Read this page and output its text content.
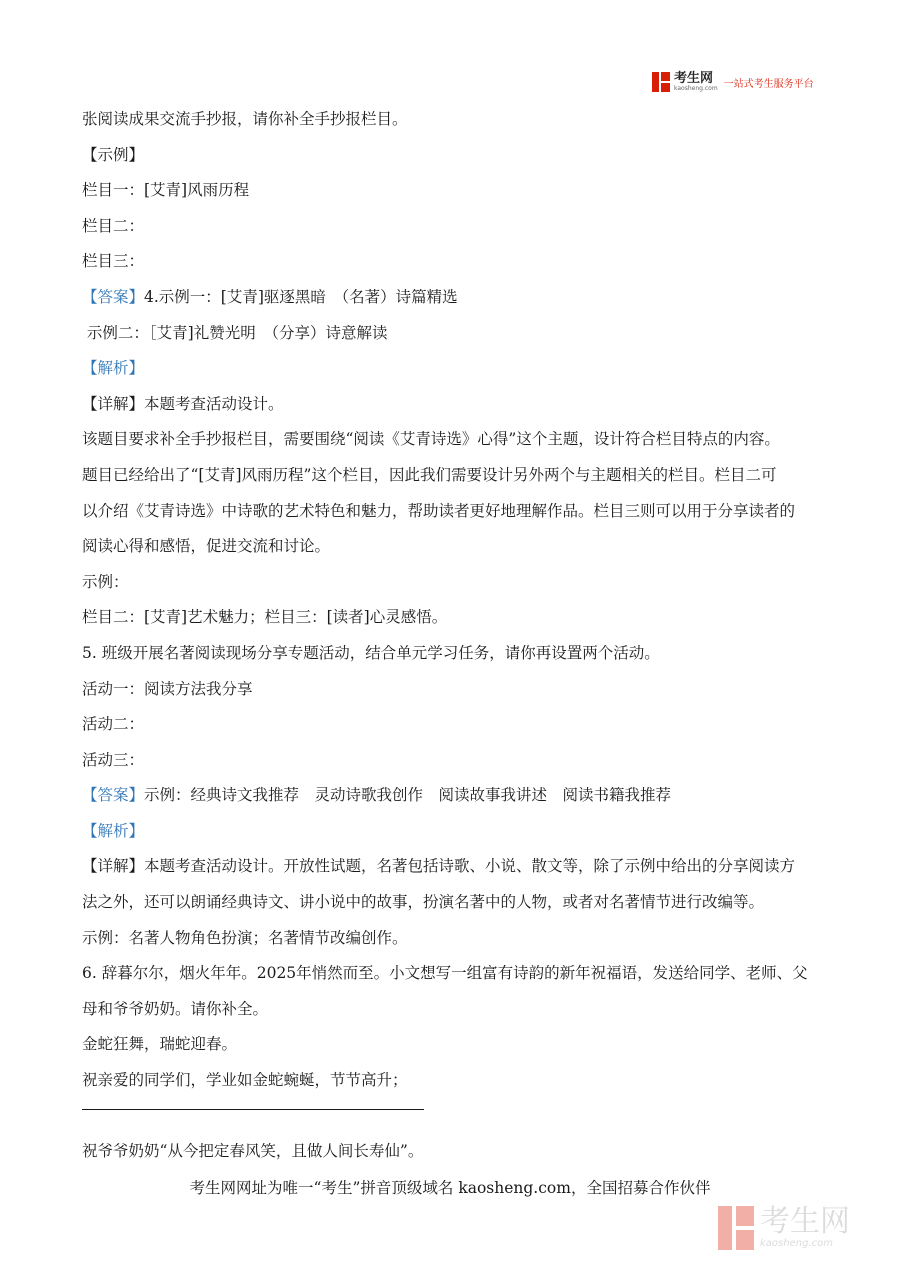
考生网
kaosheng.com 一站式考生服务平台
张阅读成果交流手抄报，请你补全手抄报栏目。
【示例】
栏目一：[艾青]风雨历程
栏目二：
栏目三：
【答案】4.示例一：[艾青]驱逐黑暗　（名著）诗篇精选
示例二：［艾青]礼赞光明　（分享）诗意解读
【解析】
【详解】本题考查活动设计。
该题目要求补全手抄报栏目，需要围绕“阅读《艾青诗选》心得”这个主题，设计符合栏目特点的内容。
题目已经给出了“[艾青]风雨历程”这个栏目，因此我们需要设计另外两个与主题相关的栏目。栏目二可
以介绍《艾青诗选》中诗歌的艺术特色和魅力，帮助读者更好地理解作品。栏目三则可以用于分享读者的
阅读心得和感悟，促进交流和讨论。
示例：
栏目二：[艾青]艺术魅力；栏目三：[读者]心灵感悟。
5. 班级开展名著阅读现场分享专题活动，结合单元学习任务，请你再设置两个活动。
活动一：阅读方法我分享
活动二：
活动三：
【答案】示例：经典诗文我推荐　灵动诗歌我创作　阅读故事我讲述　阅读书籍我推荐
【解析】
【详解】本题考查活动设计。开放性试题，名著包括诗歌、小说、散文等，除了示例中给出的分享阅读方
法之外，还可以朗诵经典诗文、讲小说中的故事，扮演名著中的人物，或者对名著情节进行改编等。
示例：名著人物角色扮演；名著情节改编创作。
6. 辞暮尔尔，烟火年年。2025年悄然而至。小文想写一组富有诗韵的新年祝福语，发送给同学、老师、父
母和爷爷奶奶。请你补全。
金蛇狂舞，瑞蛇迎春。
祝亲爱的同学们，学业如金蛇蜿蜒，节节高升；
祝爷爷奶奶“从今把定春风笑，且做人间长寿仙”。
考生网网址为唯一“考生”拼音顶级域名 kaosheng.com，全国招募合作伙伴
考生网
kaosheng.com
